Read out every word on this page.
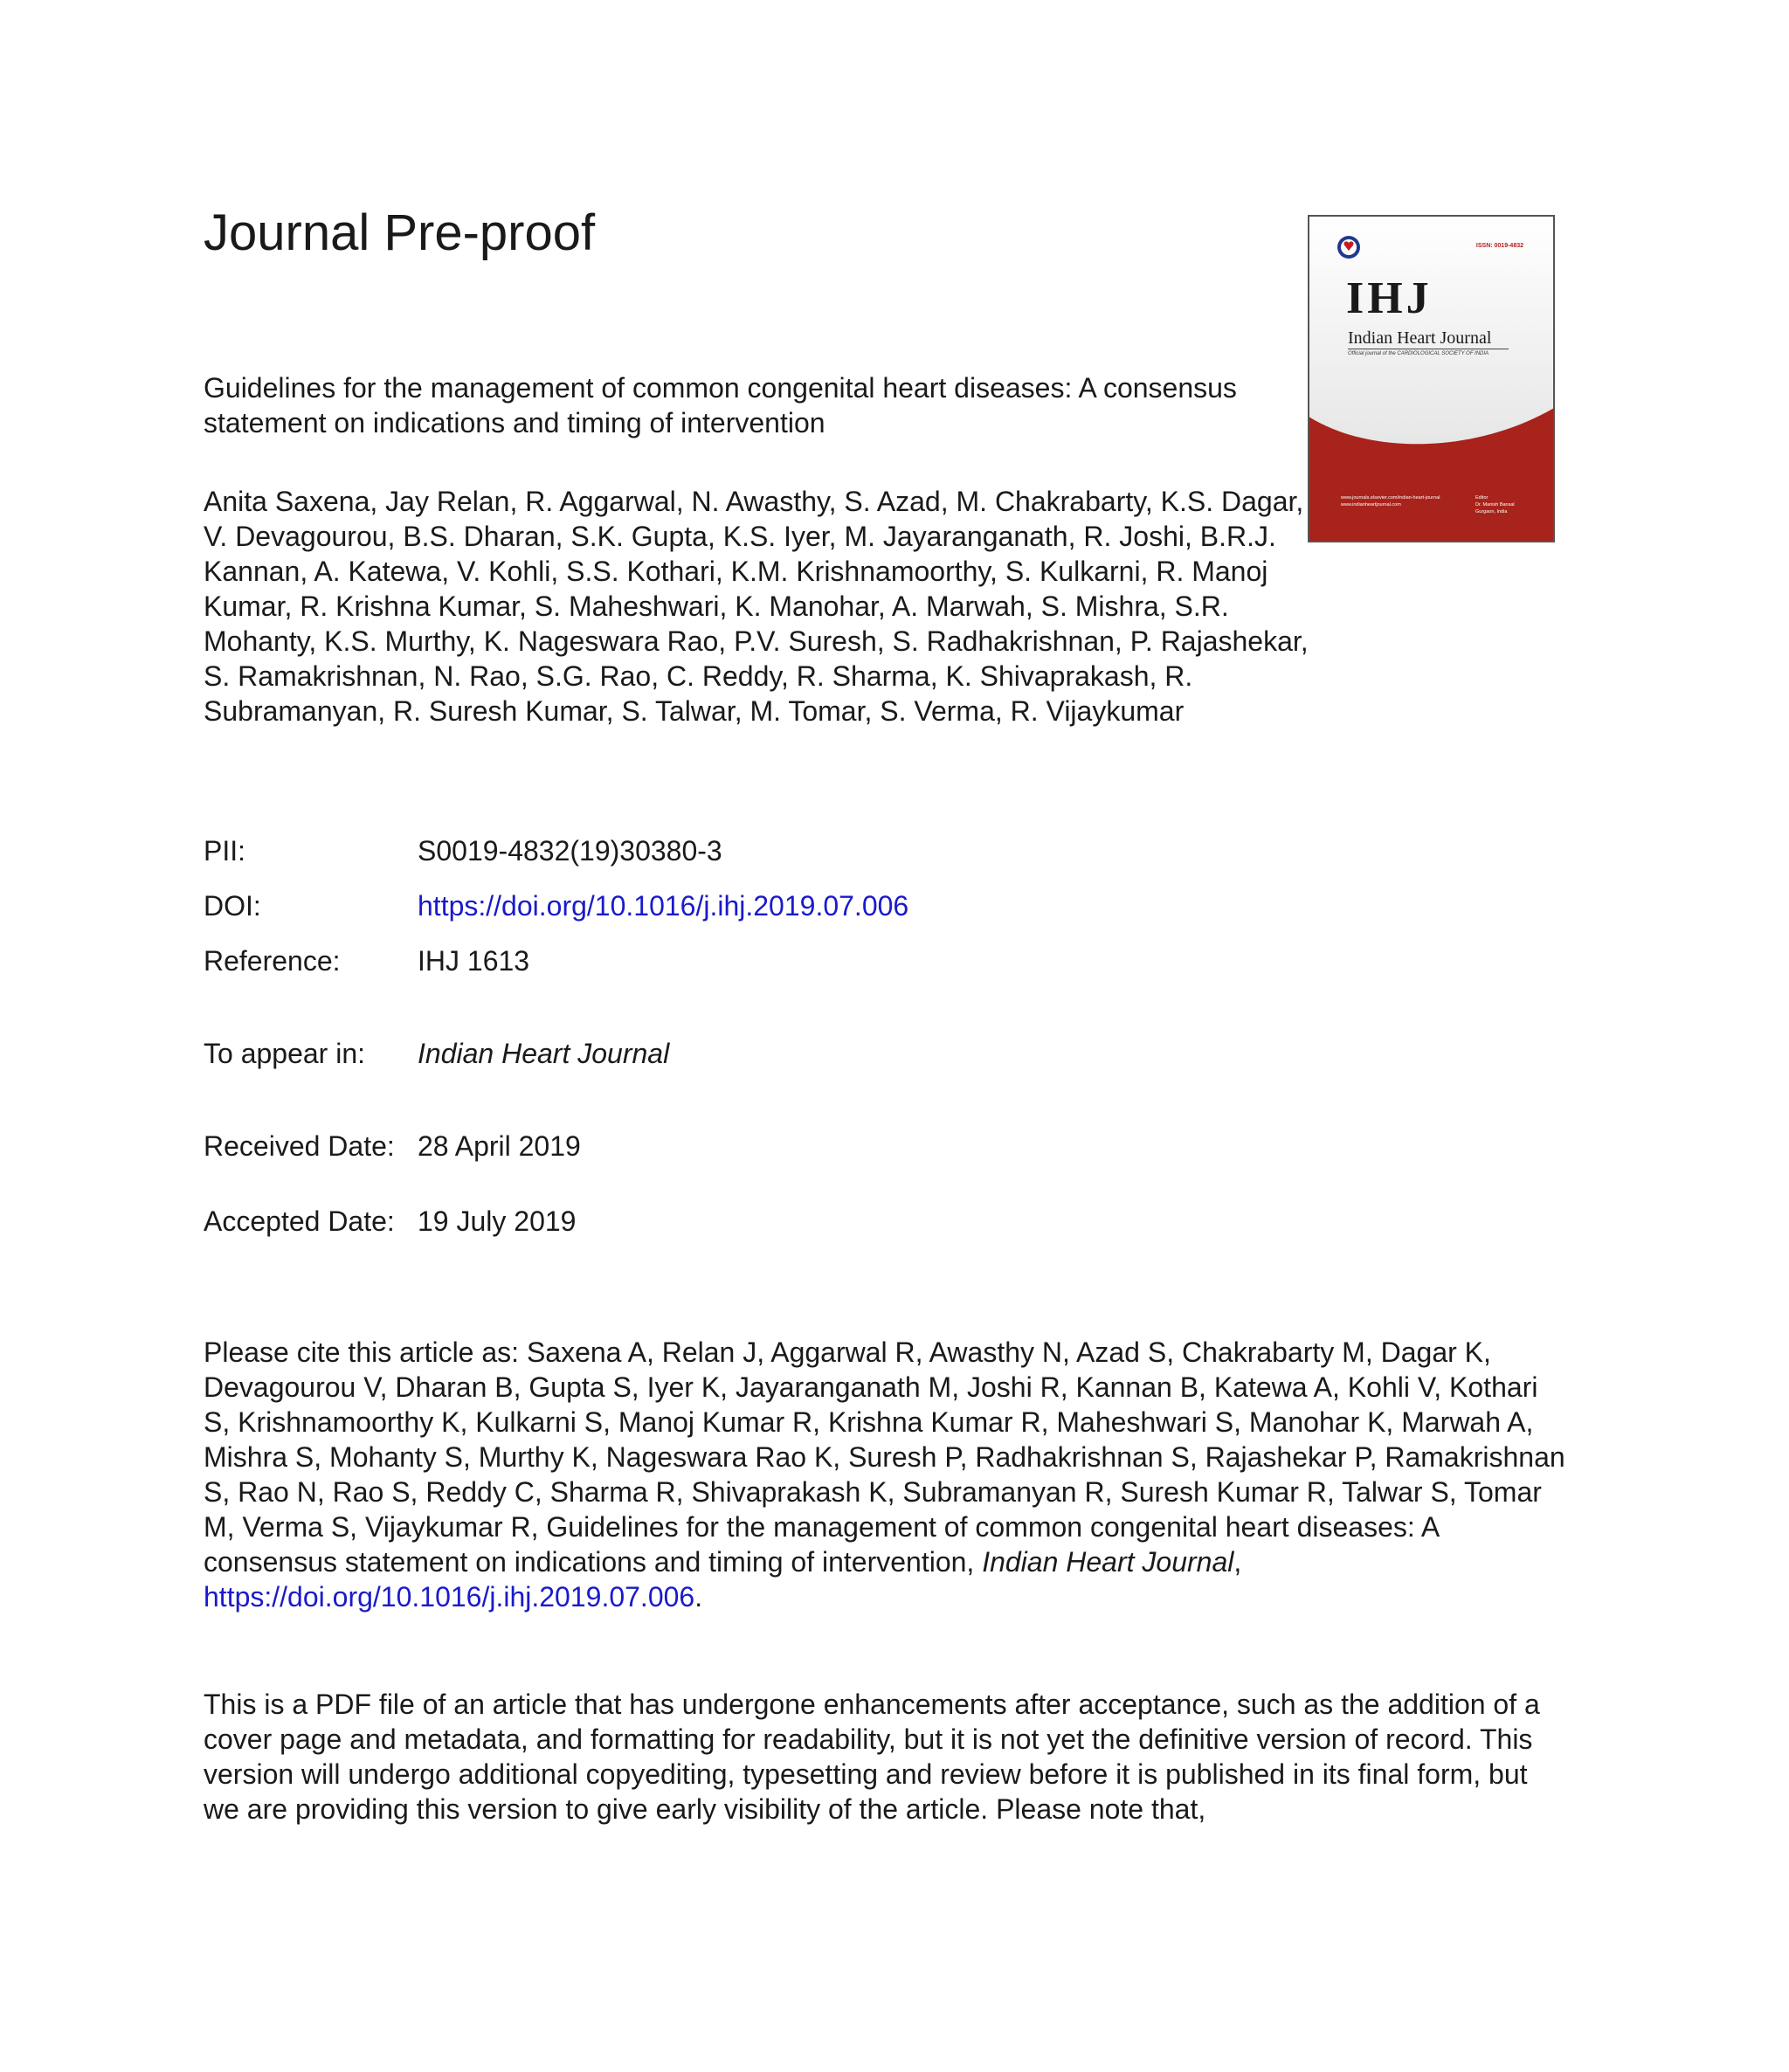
Journal Pre-proof	ISSN: 0019-4832
IHJ
Indian Heart Journal
Official journal of the CARDIOLOGICAL SOCIETY OF INDIA
www.journals.elsevier.com/indian-heart-journal
www.indianheartjournal.com
Editor
Dr. Manish Bansal
Gurgaon, India
Guidelines for the management of common congenital heart diseases: A consensus statement on indications and timing of intervention
Anita Saxena, Jay Relan, R. Aggarwal, N. Awasthy, S. Azad, M. Chakrabarty, K.S. Dagar, V. Devagourou, B.S. Dharan, S.K. Gupta, K.S. Iyer, M. Jayaranganath, R. Joshi, B.R.J. Kannan, A. Katewa, V. Kohli, S.S. Kothari, K.M. Krishnamoorthy, S. Kulkarni, R. Manoj Kumar, R. Krishna Kumar, S. Maheshwari, K. Manohar, A. Marwah, S. Mishra, S.R. Mohanty, K.S. Murthy, K. Nageswara Rao, P.V. Suresh, S. Radhakrishnan, P. Rajashekar, S. Ramakrishnan, N. Rao, S.G. Rao, C. Reddy, R. Sharma, K. Shivaprakash, R. Subramanyan, R. Suresh Kumar, S. Talwar, M. Tomar, S. Verma, R. Vijaykumar
PII:	S0019-4832(19)30380-3
DOI:	https://doi.org/10.1016/j.ihj.2019.07.006
Reference:	IHJ 1613
To appear in: Indian Heart Journal
Received Date: 28 April 2019
Accepted Date: 19 July 2019
Please cite this article as: Saxena A, Relan J, Aggarwal R, Awasthy N, Azad S, Chakrabarty M, Dagar K, Devagourou V, Dharan B, Gupta S, Iyer K, Jayaranganath M, Joshi R, Kannan B, Katewa A, Kohli V, Kothari S, Krishnamoorthy K, Kulkarni S, Manoj Kumar R, Krishna Kumar R, Maheshwari S, Manohar K, Marwah A, Mishra S, Mohanty S, Murthy K, Nageswara Rao K, Suresh P, Radhakrishnan S, Rajashekar P, Ramakrishnan S, Rao N, Rao S, Reddy C, Sharma R, Shivaprakash K, Subramanyan R, Suresh Kumar R, Talwar S, Tomar M, Verma S, Vijaykumar R, Guidelines for the management of common congenital heart diseases: A consensus statement on indications and timing of intervention, Indian Heart Journal, https://doi.org/10.1016/j.ihj.2019.07.006.
This is a PDF file of an article that has undergone enhancements after acceptance, such as the addition of a cover page and metadata, and formatting for readability, but it is not yet the definitive version of record. This version will undergo additional copyediting, typesetting and review before it is published in its final form, but we are providing this version to give early visibility of the article. Please note that,
